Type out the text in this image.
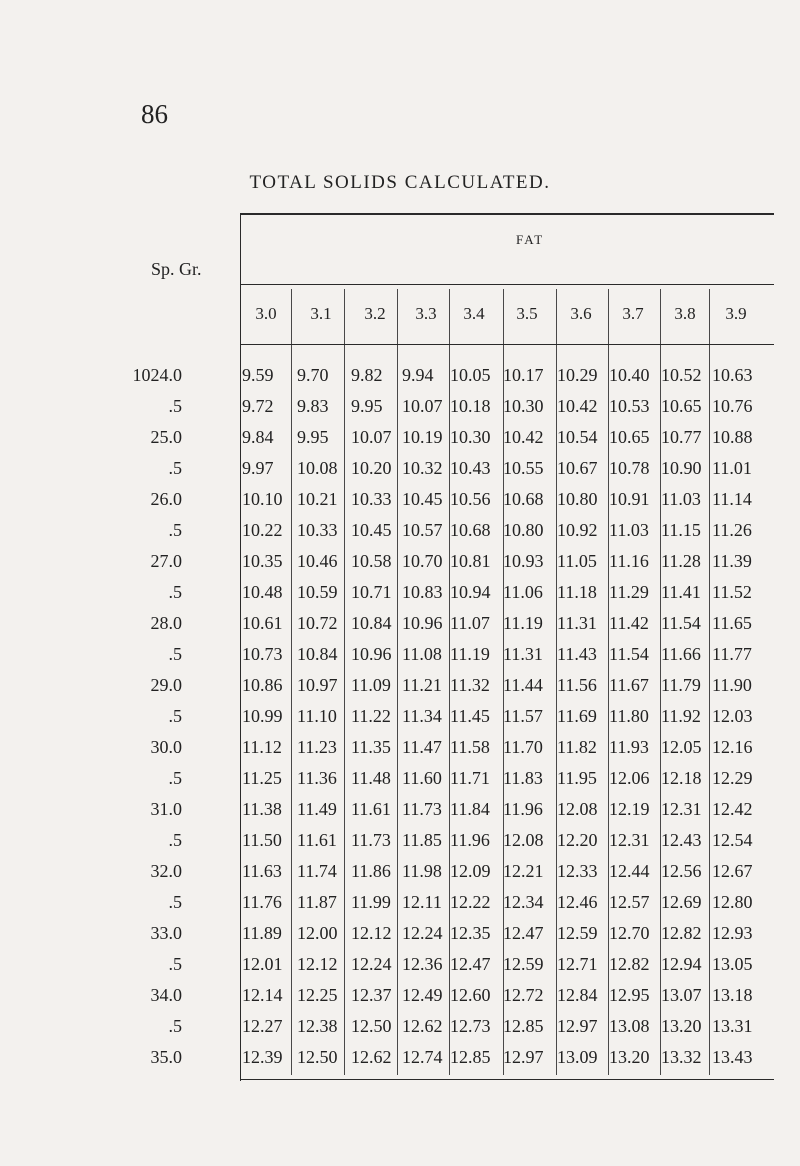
86
TOTAL SOLIDS CALCULATED.
FAT
Sp. Gr.
3.0	3.1	3.2	3.3	3.4	3.5	3.6	3.7	3.8	3.9
1024.0	9.59 9.70 9.82 9.94 10.05 10.17 10.29 10.40 10.52 10.63
.5	9.72 9.83 9.95 10.07 10.18 10.30 10.42 10.53 10.65 10.76
25.0	9.84 9.95 10.07 10.19 10.30 10.42 10.54 10.65 10.77 10.88
.5	9.97 10.08 10.20 10.32 10.43 10.55 10.67 10.78 10.90 11.01
26.0	10.10 10.21 10.33 10.45 10.56 10.68 10.80 10.91 11.03 11.14
.5	10.22 10.33 10.45 10.57 10.68 10.80 10.92 11.03 11.15 11.26
27.0	10.35 10.46 10.58 10.70 10.81 10.93 11.05 11.16 11.28 11.39
.5	10.48 10.59 10.71 10.83 10.94 11.06 11.18 11.29 11.41 11.52
28.0	10.61 10.72 10.84 10.96 11.07 11.19 11.31 11.42 11.54 11.65
.5	10.73 10.84 10.96 11.08 11.19 11.31 11.43 11.54 11.66 11.77
29.0	10.86 10.97 11.09 11.21 11.32 11.44 11.56 11.67 11.79 11.90
.5	10.99 11.10 11.22 11.34 11.45 11.57 11.69 11.80 11.92 12.03
30.0	11.12 11.23 11.35 11.47 11.58 11.70 11.82 11.93 12.05 12.16
.5	11.25 11.36 11.48 11.60 11.71 11.83 11.95 12.06 12.18 12.29
31.0	11.38 11.49 11.61 11.73 11.84 11.96 12.08 12.19 12.31 12.42
.5	11.50 11.61 11.73 11.85 11.96 12.08 12.20 12.31 12.43 12.54
32.0	11.63 11.74 11.86 11.98 12.09 12.21 12.33 12.44 12.56 12.67
.5	11.76 11.87 11.99 12.11 12.22 12.34 12.46 12.57 12.69 12.80
33.0	11.89 12.00 12.12 12.24 12.35 12.47 12.59 12.70 12.82 12.93
.5	12.01 12.12 12.24 12.36 12.47 12.59 12.71 12.82 12.94 13.05
34.0	12.14 12.25 12.37 12.49 12.60 12.72 12.84 12.95 13.07 13.18
.5	12.27 12.38 12.50 12.62 12.73 12.85 12.97 13.08 13.20 13.31
35.0	12.39 12.50 12.62 12.74 12.85 12.97 13.09 13.20 13.32 13.43
